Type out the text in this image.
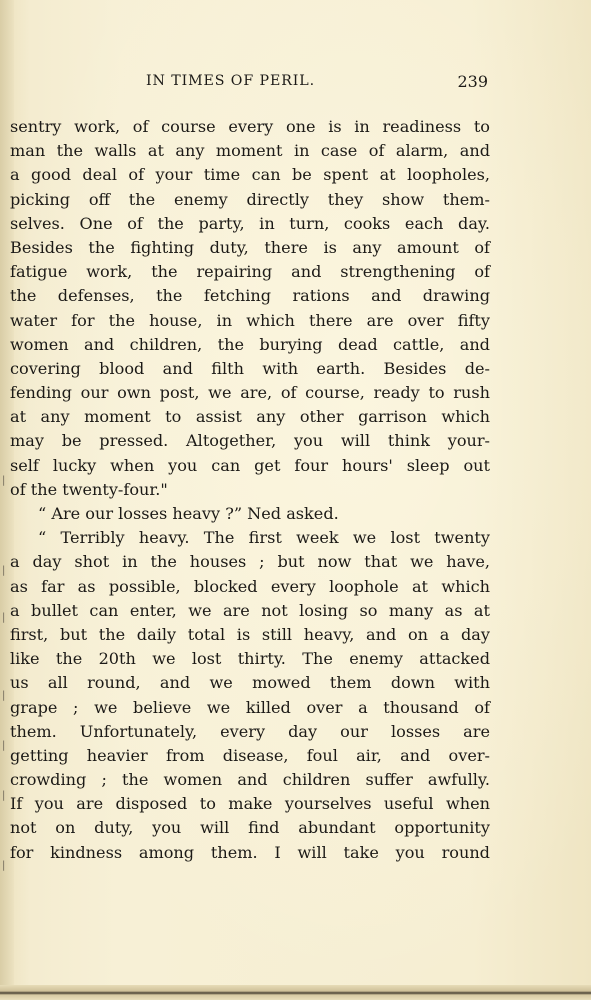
|
|
|
|
|
|
|
IN TIMES OF PERIL.	239
sentry work, of course every one is in readiness to
man the walls at any moment in case of alarm, and
a good deal of your time can be spent at loopholes,
picking off the enemy directly they show them-
selves. One of the party, in turn, cooks each day.
Besides the fighting duty, there is any amount of
fatigue work, the repairing and strengthening of
the defenses, the fetching rations and drawing
water for the house, in which there are over fifty
women and children, the burying dead cattle, and
covering blood and filth with earth. Besides de-
fending our own post, we are, of course, ready to rush
at any moment to assist any other garrison which
may be pressed. Altogether, you will think your-
self lucky when you can get four hours' sleep out
of the twenty-four."
“ Are our losses heavy ?” Ned asked.
“ Terribly heavy. The first week we lost twenty
a day shot in the houses ; but now that we have,
as far as possible, blocked every loophole at which
a bullet can enter, we are not losing so many as at
first, but the daily total is still heavy, and on a day
like the 20th we lost thirty. The enemy attacked
us all round, and we mowed them down with
grape ; we believe we killed over a thousand of
them. Unfortunately, every day our losses are
getting heavier from disease, foul air, and over-
crowding ; the women and children suffer awfully.
If you are disposed to make yourselves useful when
not on duty, you will find abundant opportunity
for kindness among them. I will take you round
